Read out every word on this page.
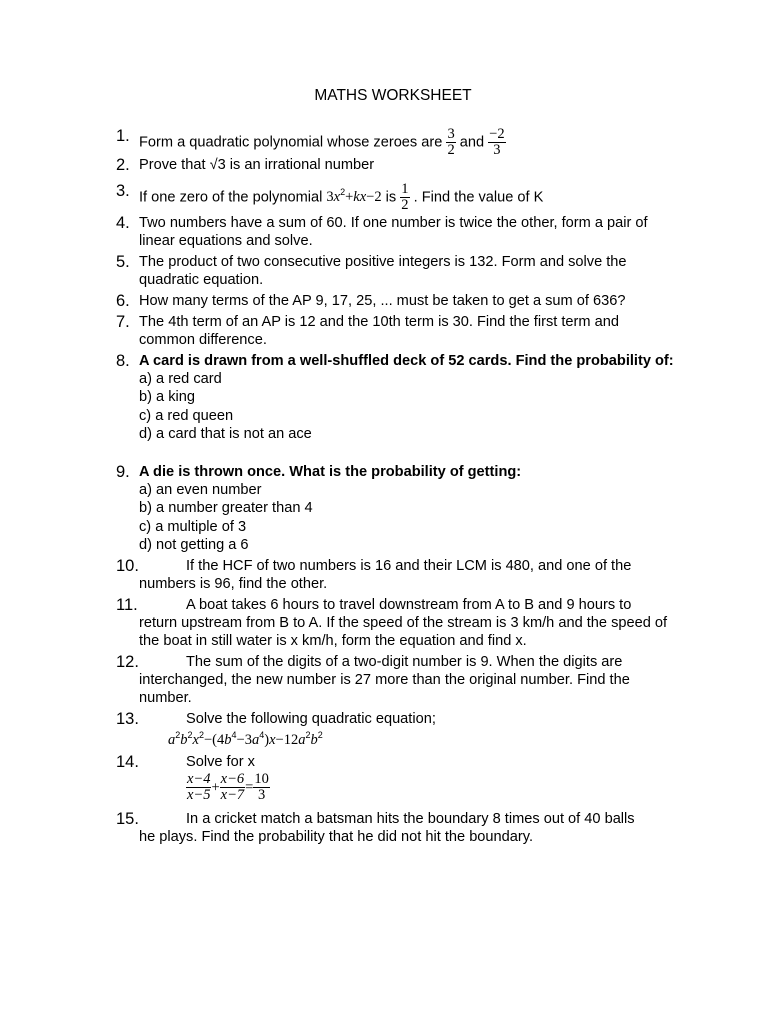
MATHS WORKSHEET
1. Form a quadratic polynomial whose zeroes are $\frac{3}{2}$ and $\frac{-2}{3}$
2. Prove that √3 is an irrational number
3. If one zero of the polynomial $3x^2+kx-2$ is $\frac{1}{2}$ . Find the value of K
4. Two numbers have a sum of 60. If one number is twice the other, form a pair of linear equations and solve.
5. The product of two consecutive positive integers is 132. Form and solve the quadratic equation.
6. How many terms of the AP 9, 17, 25, ... must be taken to get a sum of 636?
7. The 4th term of an AP is 12 and the 10th term is 30. Find the first term and common difference.
8. A card is drawn from a well-shuffled deck of 52 cards. Find the probability of:
a) a red card
b) a king
c) a red queen
d) a card that is not an ace
9. A die is thrown once. What is the probability of getting:
a) an even number
b) a number greater than 4
c) a multiple of 3
d) not getting a 6
10.	If the HCF of two numbers is 16 and their LCM is 480, and one of the
numbers is 96, find the other.
11.	A boat takes 6 hours to travel downstream from A to B and 9 hours to
return upstream from B to A. If the speed of the stream is 3 km/h and the speed of the boat in still water is x km/h, form the equation and find x.
12.	The sum of the digits of a two-digit number is 9. When the digits are
interchanged, the new number is 27 more than the original number. Find the number.
13.	Solve the following quadratic equation;
$a^2b^2x^2-(4b^4-3a^4)x-12a^2b^2$
14.	Solve for x
$\frac{x-4}{x-5} + \frac{x-6}{x-7} = \frac{10}{3}$
15.	In a cricket match a batsman hits the boundary 8 times out of 40 balls
he plays. Find the probability that he did not hit the boundary.
